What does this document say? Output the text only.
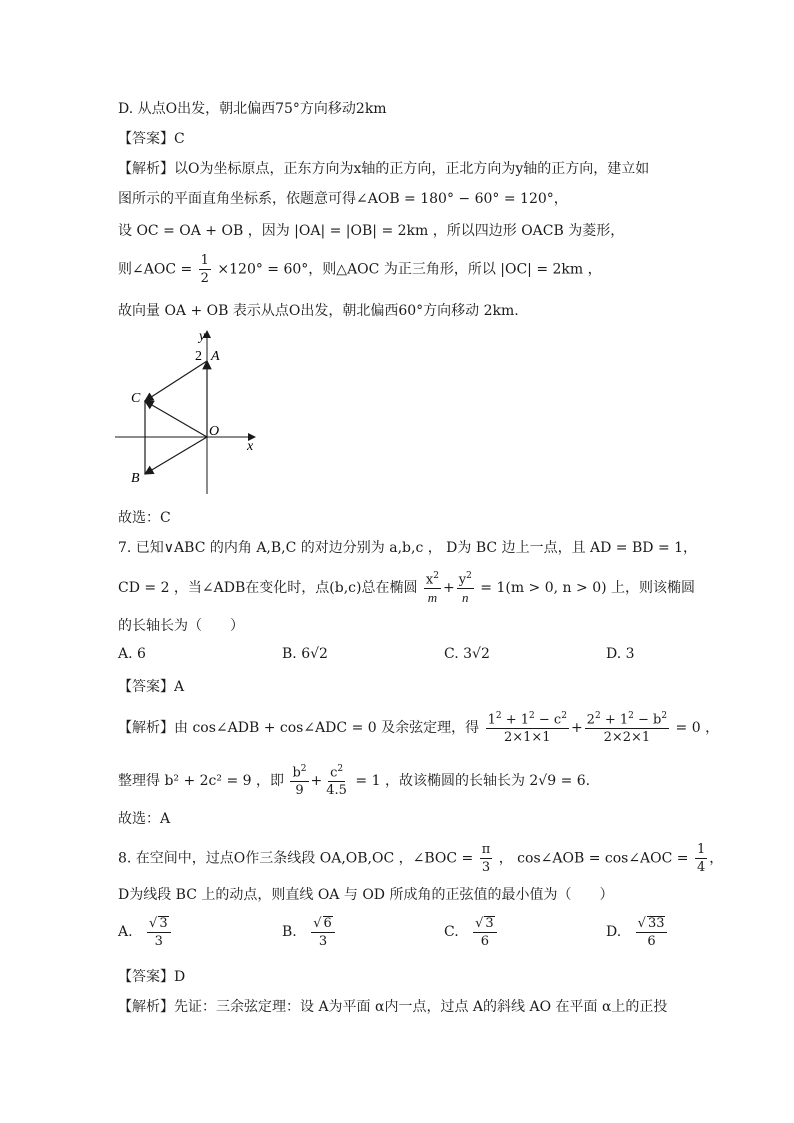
D. 从点O出发，朝北偏西75°方向移动2km
【答案】C
【解析】以O为坐标原点，正东方向为x轴的正方向，正北方向为y轴的正方向，建立如
图所示的平面直角坐标系，依题意可得∠AOB = 180° − 60° = 120°，
设 OC = OA + OB ，因为 |OA| = |OB| = 2km ，所以四边形 OACB 为菱形，
则∠AOC = $\frac{1}{2} \times 120^\circ = 60^\circ$，则△AOC 为正三角形，所以 |OC| = 2km ，
故向量 OA + OB 表示从点O出发，朝北偏西60°方向移动 2km.
y
x
2 A
C
O
B
故选：C
7. 已知∨ABC 的内角 A,B,C 的对边分别为 a,b,c ， D为 BC 边上一点，且 AD = BD = 1，
CD = 2 ，当∠ADB在变化时，点(b,c)总在椭圆 $\frac{x^2}{m} + \frac{y^2}{n} = 1(m > 0$, n > 0) 上，则该椭圆
的长轴长为（　　）
A. 6	B. 6√2	C. 3√2	D. 3
【答案】A
【解析】由 cos∠ADB + cos∠ADC = 0 及余弦定理，得 $\frac{1^2 + 1^2 - c^2}{2\times 1\times 1} + \frac{2^2 + 1^2 - b^2}{2\times 2\times 1} = 0$ ，
整理得 b² + 2c² = 9 ，即 $\frac{b^2}{9} + \frac{c^2}{4.5} = 1$ ，故该椭圆的长轴长为 2√9 = 6.
故选：A
8. 在空间中，过点O作三条线段 OA,OB,OC ，∠BOC = $\frac{\pi}{3}$ ， cos∠AOB = cos∠AOC = $\frac{1}{4}$ ，
D为线段 BC 上的动点，则直线 OA 与 OD 所成角的正弦值的最小值为（　　）
A. $\frac{√ 3}{3}$	B. $\frac{√ 6}{3}$	C. $\frac{√ 3}{6}$	D. $\frac{√ 33}{6}$
【答案】D
【解析】先证：三余弦定理：设 A为平面 α内一点，过点 A的斜线 AO 在平面 α上的正投
